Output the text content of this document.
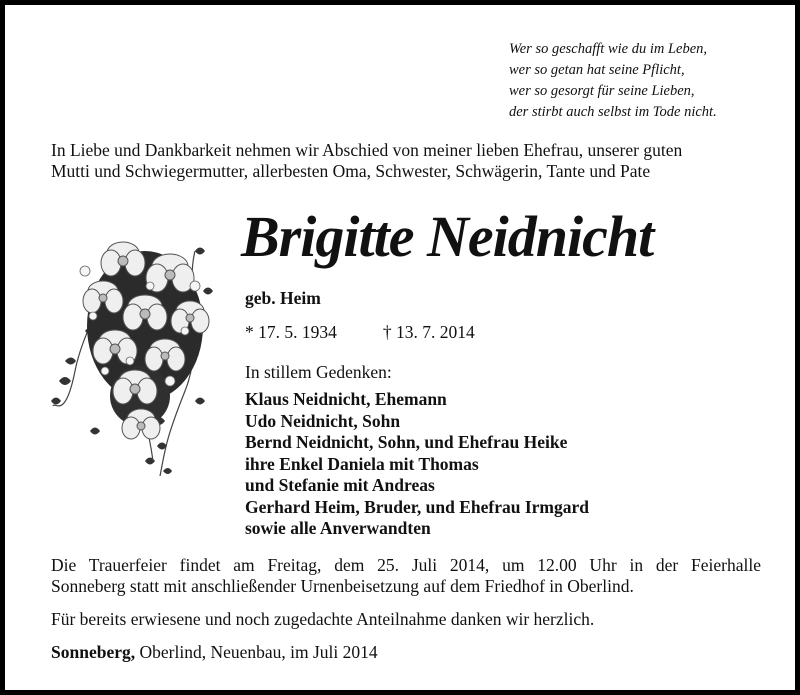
Wer so geschafft wie du im Leben,
wer so getan hat seine Pflicht,
wer so gesorgt für seine Lieben,
der stirbt auch selbst im Tode nicht.
In Liebe und Dankbarkeit nehmen wir Abschied von meiner lieben Ehefrau, unserer guten
Mutti und Schwiegermutter, allerbesten Oma, Schwester, Schwägerin, Tante und Pate
Brigitte Neidnicht
geb. Heim
* 17. 5. 1934	† 13. 7. 2014
In stillem Gedenken:
Klaus Neidnicht, Ehemann
Udo Neidnicht, Sohn
Bernd Neidnicht, Sohn, und Ehefrau Heike
ihre Enkel Daniela mit Thomas
und Stefanie mit Andreas
Gerhard Heim, Bruder, und Ehefrau Irmgard
sowie alle Anverwandten
Die Trauerfeier findet am Freitag, dem 25. Juli 2014, um 12.00 Uhr in der Feierhalle
Sonneberg statt mit anschließender Urnenbeisetzung auf dem Friedhof in Oberlind.
Für bereits erwiesene und noch zugedachte Anteilnahme danken wir herzlich.
Sonneberg, Oberlind, Neuenbau, im Juli 2014
